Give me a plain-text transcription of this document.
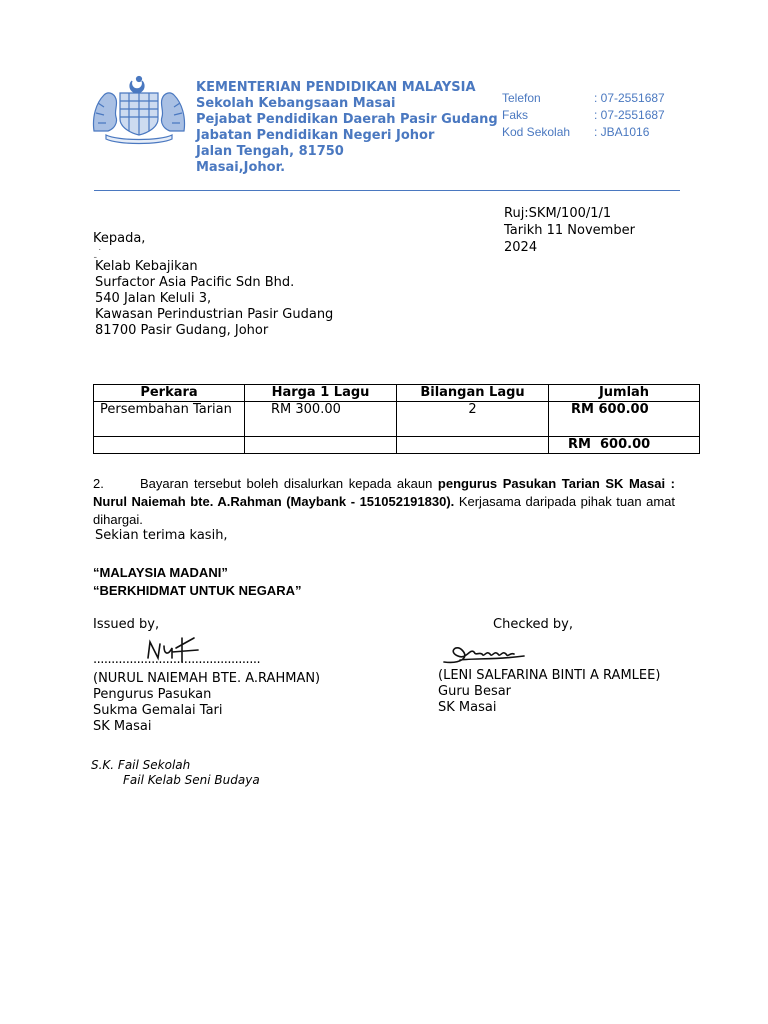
KEMENTERIAN PENDIDIKAN MALAYSIA
Sekolah Kebangsaan Masai
Pejabat Pendidikan Daerah Pasir Gudang
Jabatan Pendidikan Negeri Johor
Jalan Tengah, 81750
Masai,Johor.
Telefon	: 07-2551687
Faks	: 07-2551687
Kod Sekolah	: JBA1016
Ruj:SKM/100/1/1
Tarikh 11 November
2024
Kepada,
ˍ˙
Kelab Kebajikan
Surfactor Asia Pacific Sdn Bhd.
540 Jalan Keluli 3,
Kawasan Perindustrian Pasir Gudang
81700 Pasir Gudang, Johor
Perkara	Harga 1 Lagu	Bilangan Lagu	Jumlah
Persembahan Tarian	RM 300.00	2	RM 600.00
			RM  600.00
2.	Bayaran tersebut boleh disalurkan kepada akaun pengurus Pasukan Tarian SK Masai : Nurul Naiemah bte. A.Rahman (Maybank - 151052191830). Kerjasama daripada pihak tuan amat dihargai.
Sekian terima kasih,
“MALAYSIA MADANI”
“BERKHIDMAT UNTUK NEGARA”
Issued by,	Checked by,
..............................................
(NURUL NAIEMAH BTE. A.RAHMAN)
Pengurus Pasukan
Sukma Gemalai Tari
SK Masai
(LENI SALFARINA BINTI A RAMLEE)
Guru Besar
SK Masai
S.K. Fail Sekolah
Fail Kelab Seni Budaya
